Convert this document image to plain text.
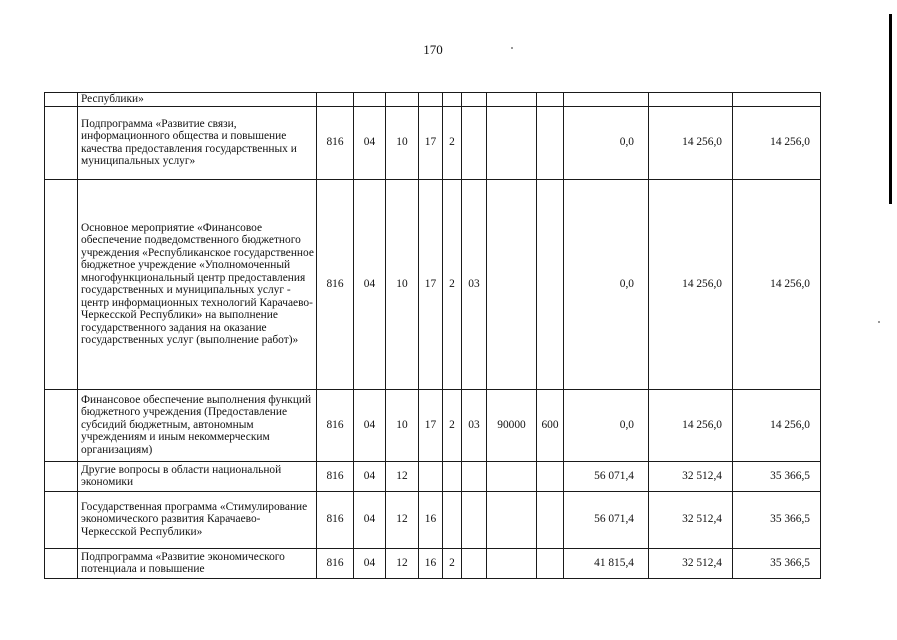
170
	Республики»											
	Подпрограмма «Развитие связи, информационного общества и повышение качества предоставления государственных и муниципальных услуг»	816	04	10	17	2				0,0	14 256,0	14 256,0
	Основное мероприятие «Финансовое обеспечение подведомственного бюджетного учреждения «Республиканское государственное бюджетное учреждение «Уполномоченный многофункциональный центр предоставления государственных и муниципальных услуг - центр информационных технологий Карачаево-Черкесской Республики» на выполнение государственного задания на оказание государственных услуг (выполнение работ)»	816	04	10	17	2	03			0,0	14 256,0	14 256,0
	Финансовое обеспечение выполнения функций бюджетного учреждения (Предоставление субсидий бюджетным, автономным учреждениям и иным некоммерческим организациям)	816	04	10	17	2	03	90000	600	0,0	14 256,0	14 256,0
	Другие вопросы в области национальной экономики	816	04	12						56 071,4	32 512,4	35 366,5
	Государственная программа «Стимулирование экономического развития Карачаево-Черкесской Республики»	816	04	12	16					56 071,4	32 512,4	35 366,5
	Подпрограмма «Развитие экономического потенциала и повышение	816	04	12	16	2				41 815,4	32 512,4	35 366,5
